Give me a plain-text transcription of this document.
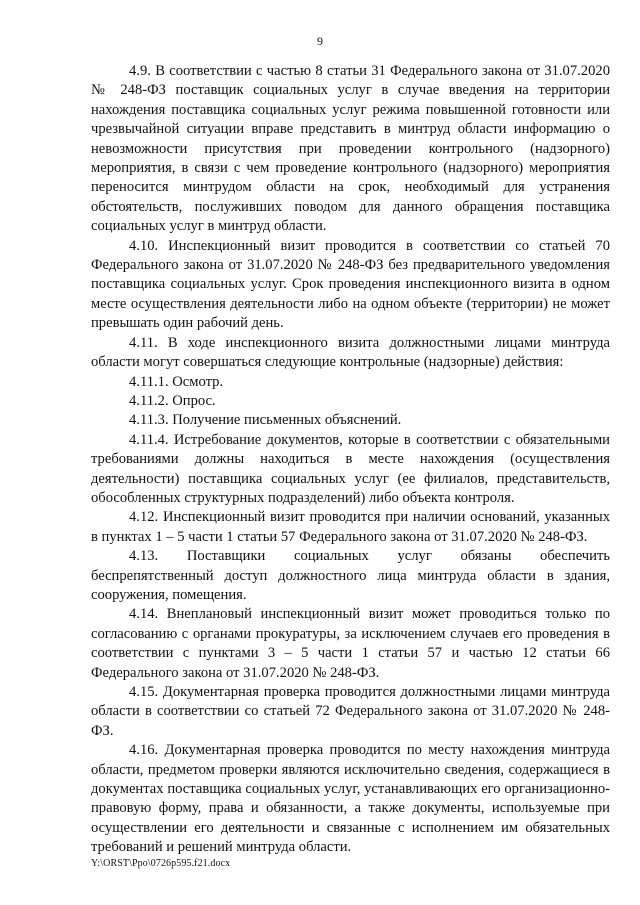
9

4.9. В соответствии с частью 8 статьи 31 Федерального закона от 31.07.2020 № 248-ФЗ поставщик социальных услуг в случае введения на территории нахождения поставщика социальных услуг режима повышенной готовности или чрезвычайной ситуации вправе представить в минтруд области информацию о невозможности присутствия при проведении контрольного (надзорного) мероприятия, в связи с чем проведение контрольного (надзорного) мероприятия переносится минтрудом области на срок, необходимый для устранения обстоятельств, послуживших поводом для данного обращения поставщика социальных услуг в минтруд области.

4.10. Инспекционный визит проводится в соответствии со статьей 70 Федерального закона от 31.07.2020 № 248-ФЗ без предварительного уведомления поставщика социальных услуг. Срок проведения инспекционного визита в одном месте осуществления деятельности либо на одном объекте (территории) не может превышать один рабочий день.

4.11. В ходе инспекционного визита должностными лицами минтруда области могут совершаться следующие контрольные (надзорные) действия:

4.11.1. Осмотр.

4.11.2. Опрос.

4.11.3. Получение письменных объяснений.

4.11.4. Истребование документов, которые в соответствии с обязательными требованиями должны находиться в месте нахождения (осуществления деятельности) поставщика социальных услуг (ее филиалов, представительств, обособленных структурных подразделений) либо объекта контроля.

4.12. Инспекционный визит проводится при наличии оснований, указанных в пунктах 1 – 5 части 1 статьи 57 Федерального закона от 31.07.2020 № 248-ФЗ.

4.13. Поставщики социальных услуг обязаны обеспечить беспрепятственный доступ должностного лица минтруда области в здания, сооружения, помещения.

4.14. Внеплановый инспекционный визит может проводиться только по согласованию с органами прокуратуры, за исключением случаев его проведения в соответствии с пунктами 3 – 5 части 1 статьи 57 и частью 12 статьи 66 Федерального закона от 31.07.2020 № 248-ФЗ.

4.15. Документарная проверка проводится должностными лицами минтруда области в соответствии со статьей 72 Федерального закона от 31.07.2020 № 248-ФЗ.

4.16. Документарная проверка проводится по месту нахождения минтруда области, предметом проверки являются исключительно сведения, содержащиеся в документах поставщика социальных услуг, устанавливающих его организационно-правовую форму, права и обязанности, а также документы, используемые при осуществлении его деятельности и связанные с исполнением им обязательных требований и решений минтруда области.

Y:\ORST\Ppo\0726p595.f21.docx
